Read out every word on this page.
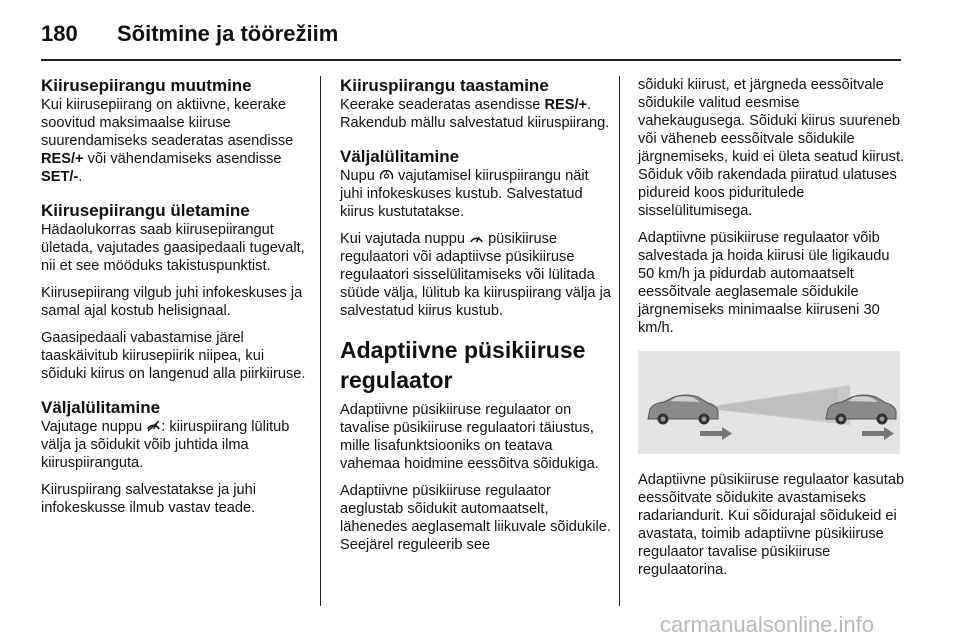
180 Sõitmine ja töörežiim
Kiirusepiirangu muutmine

Kui kiirusepiirang on aktiivne, keerake soovitud maksimaalse kiiruse suurendamiseks seaderatas asendisse RES/+ või vähendamiseks asendisse SET/-.

Kiirusepiirangu ületamine

Hädaolukorras saab kiirusepiirangut ületada, vajutades gaasipedaali tugevalt, nii et see mööduks takistuspunktist.

Kiirusepiirang vilgub juhi infokeskuses ja samal ajal kostub helisignaal.

Gaasipedaali vabastamise järel taaskäivitub kiirusepiirik niipea, kui sõiduki kiirus on langenud alla piirkiiruse.

Väljalülitamine

Vajutage nuppu : kiiruspiirang lülitub välja ja sõidukit võib juhtida ilma kiiruspiiranguta.

Kiiruspiirang salvestatakse ja juhi infokeskusse ilmub vastav teade.

Kiiruspiirangu taastamine

Keerake seaderatas asendisse RES/+. Rakendub mällu salvestatud kiiruspiirang.

Väljalülitamine

Nupu  vajutamisel kiiruspiirangu näit juhi infokeskuses kustub. Salvestatud kiirus kustutatakse.

Kui vajutada nuppu  püsikiiruse regulaatori või adaptiivse püsikiiruse regulaatori sisselülitamiseks või lülitada süüde välja, lülitub ka kiiruspiirang välja ja salvestatud kiirus kustub.

Adaptiivne püsikiiruse regulaator

Adaptiivne püsikiiruse regulaator on tavalise püsikiiruse regulaatori täiustus, mille lisafunktsiooniks on teatava vahemaa hoidmine eessõitva sõidukiga.

Adaptiivne püsikiiruse regulaator aeglustab sõidukit automaatselt, lähenedes aeglasemalt liikuvale sõidukile. Seejärel reguleerib see

sõiduki kiirust, et järgneda eessõitvale sõidukile valitud eesmise vahekaugusega. Sõiduki kiirus suureneb või väheneb eessõitvale sõidukile järgnemiseks, kuid ei ületa seatud kiirust. Sõiduk võib rakendada piiratud ulatuses pidureid koos piduritulede sisselülitumisega.

Adaptiivne püsikiiruse regulaator võib salvestada ja hoida kiirusi üle ligikaudu 50 km/h ja pidurdab automaatselt eessõitvale aeglasemale sõidukile järgnemiseks minimaalse kiiruseni 30 km/h.

Adaptiivne püsikiiruse regulaator kasutab eessõitvate sõidukite avastamiseks radariandurit. Kui sõidurajal sõidukeid ei avastata, toimib adaptiivne püsikiiruse regulaator tavalise püsikiiruse regulaatorina.

carmanualsonline.info
